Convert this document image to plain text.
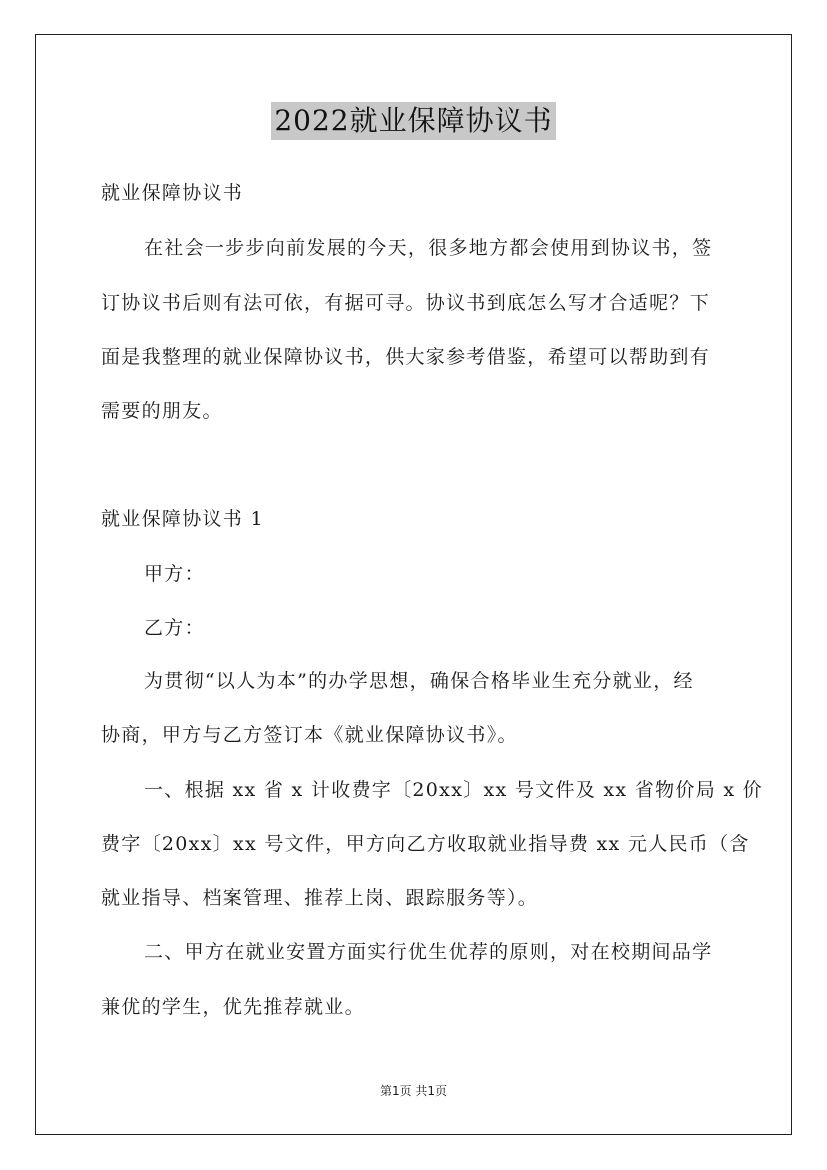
2022就业保障协议书
就业保障协议书
在社会一步步向前发展的今天，很多地方都会使用到协议书，签
订协议书后则有法可依，有据可寻。协议书到底怎么写才合适呢？下
面是我整理的就业保障协议书，供大家参考借鉴，希望可以帮助到有
需要的朋友。
就业保障协议书 1
甲方：
乙方：
为贯彻“以人为本”的办学思想，确保合格毕业生充分就业，经
协商，甲方与乙方签订本《就业保障协议书》。
一、根据 xx 省 x 计收费字〔20xx〕xx 号文件及 xx 省物价局 x 价
费字〔20xx〕xx 号文件，甲方向乙方收取就业指导费 xx 元人民币（含
就业指导、档案管理、推荐上岗、跟踪服务等）。
二、甲方在就业安置方面实行优生优荐的原则，对在校期间品学
兼优的学生，优先推荐就业。
第1页 共1页
